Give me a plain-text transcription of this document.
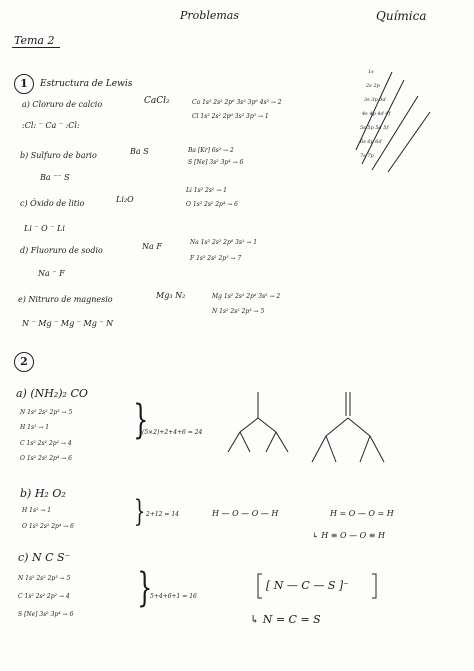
Problemas	Química
Tema 2
1	Estructura de Lewis
a) Cloruro de calcio	CaCl₂
:Cl: ⁻ Ca ⁻ :Cl:
Ca 1s² 2s² 2p⁶ 3s² 3p⁶ 4s² → 2
Cl 1s² 2s² 2p⁶ 3s² 3p⁵ → 1
b) Sulfuro de bario	Ba S
Ba ⁻⁻ S
Ba [Kr] 6s² → 2
S [Ne] 3s² 3p⁴ → 6
c) Óxido de litio	Li₂O
Li ⁻ O ⁻ Li
Li 1s² 2s¹ → 1
O 1s² 2s² 2p⁴ → 6
d) Fluoruro de sodio	Na F
Na ⁻ F
Na 1s² 2s² 2p⁶ 3s¹ → 1
F 1s² 2s² 2p⁵ → 7
e) Nitruro de magnesio	Mg₃ N₂
N ⁻ Mg ⁻ Mg ⁻ Mg ⁻ N
Mg 1s² 2s² 2p⁶ 3s² → 2
N 1s² 2s² 2p³ → 5
1s
2s 2p
3s 3p 3d
4s 4p 4d 4f
5s 5p 5d 5f
6s 6p 6d
7s 7p
2
a) (NH₂)₂ CO
N 1s² 2s² 2p³ → 5
H 1s¹ → 1
C 1s² 2s² 2p² → 4
O 1s² 2s² 2p⁴ → 6
}
(5×2)+2+4+6 = 24
b) H₂ O₂
H 1s¹ → 1
O 1s² 2s² 2p⁴ → 6 } 2+12 = 14	H — O — O — H	H = O — O = H
↳ H ≡ O — O ≡ H
c) N C S⁻
N 1s² 2s² 2p³ → 5
C 1s² 2s² 2p² → 4
S [Ne] 3s² 3p⁴ → 6
}
5+4+6+1 = 16
[ N — C — S ]⁻
↳ N = C = S
